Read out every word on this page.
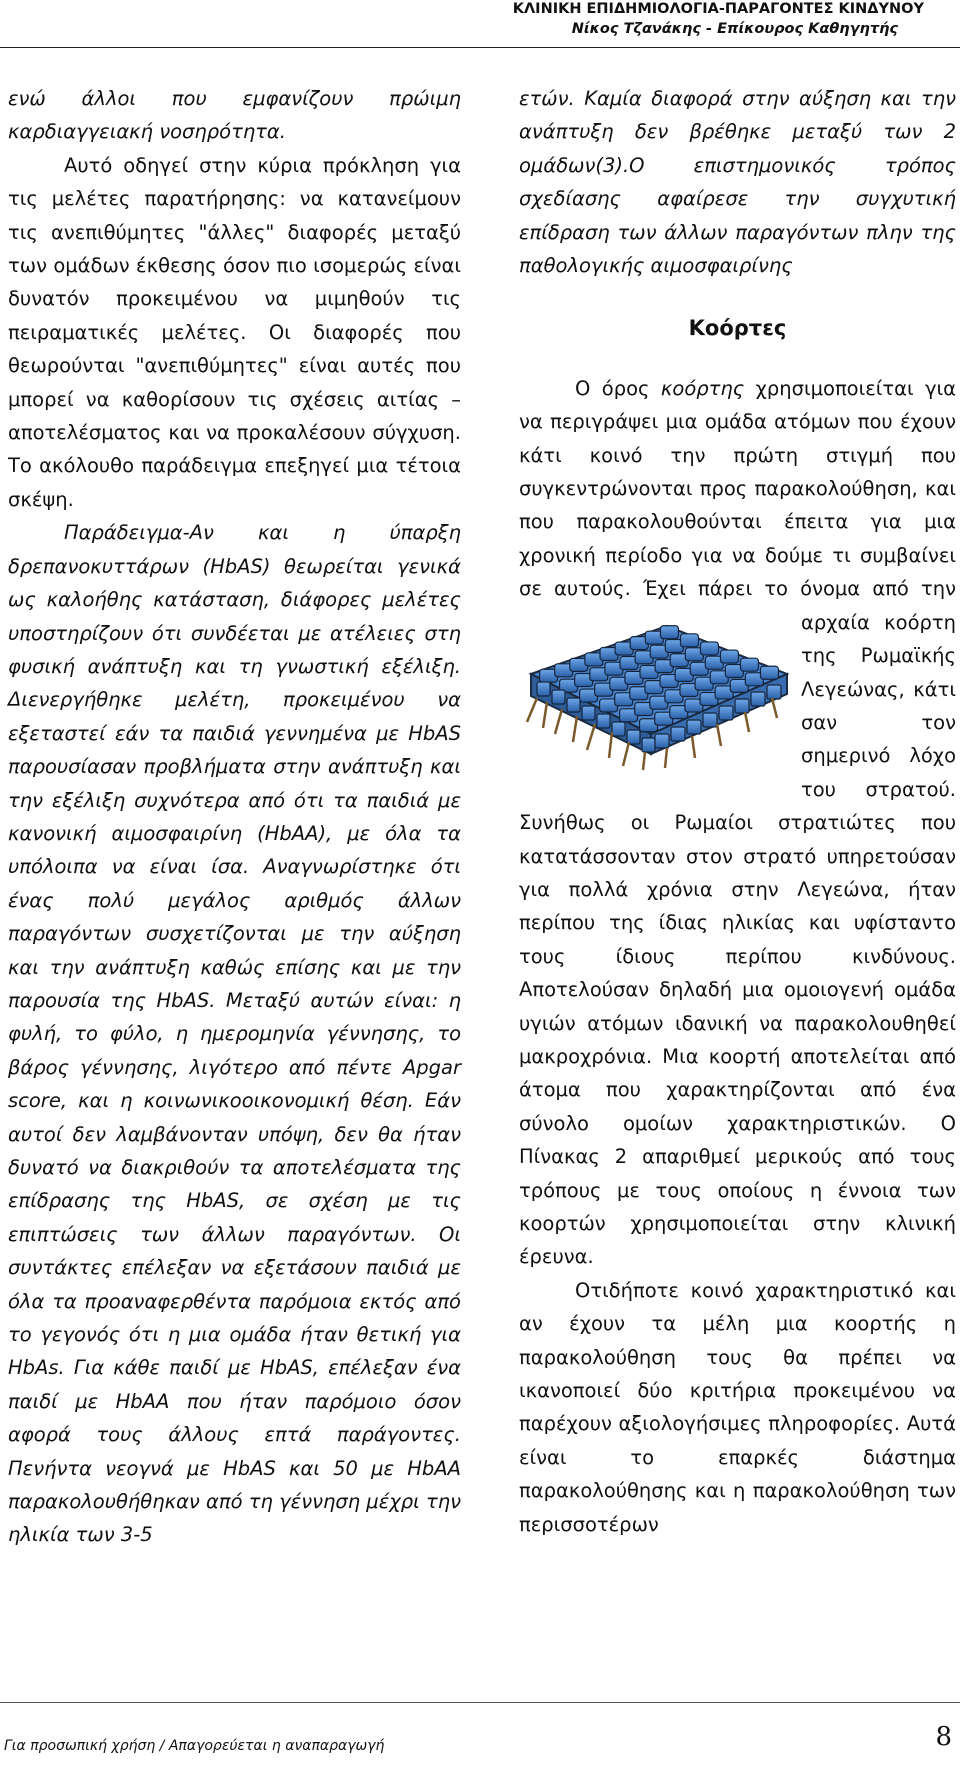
ΚΛΙΝΙΚΗ ΕΠΙΔΗΜΙΟΛΟΓΙΑ-ΠΑΡΑΓΟΝΤΕΣ ΚΙΝΔΥΝΟΥ
Νίκος Τζανάκης - Επίκουρος Καθηγητής

ενώ άλλοι που εμφανίζουν πρώιμη καρδιαγγειακή νοσηρότητα.

Αυτό οδηγεί στην κύρια πρόκληση για τις μελέτες παρατήρησης: να κατανείμουν τις ανεπιθύμητες "άλλες" διαφορές μεταξύ των ομάδων έκθεσης όσον πιο ισομερώς είναι δυνατόν προκειμένου να μιμηθούν τις πειραματικές μελέτες. Οι διαφορές που θεωρούνται "ανεπιθύμητες" είναι αυτές που μπορεί να καθορίσουν τις σχέσεις αιτίας – αποτελέσματος και να προκαλέσουν σύγχυση. Το ακόλουθο παράδειγμα επεξηγεί μια τέτοια σκέψη.

Παράδειγμα-Αν και η ύπαρξη δρεπανοκυττάρων (HbAS) θεωρείται γενικά ως καλοήθης κατάσταση, διάφορες μελέτες υποστηρίζουν ότι συνδέεται με ατέλειες στη φυσική ανάπτυξη και τη γνωστική εξέλιξη. Διενεργήθηκε μελέτη, προκειμένου να εξεταστεί εάν τα παιδιά γεννημένα με HbAS παρουσίασαν προβλήματα στην ανάπτυξη και την εξέλιξη συχνότερα από ότι τα παιδιά με κανονική αιμοσφαιρίνη (HbAA), με όλα τα υπόλοιπα να είναι ίσα. Αναγνωρίστηκε ότι ένας πολύ μεγάλος αριθμός άλλων παραγόντων συσχετίζονται με την αύξηση και την ανάπτυξη καθώς επίσης και με την παρουσία της HbAS. Μεταξύ αυτών είναι: η φυλή, το φύλο, η ημερομηνία γέννησης, το βάρος γέννησης, λιγότερο από πέντε Apgar score, και η κοινωνικοοικονομική θέση. Εάν αυτοί δεν λαμβάνονταν υπόψη, δεν θα ήταν δυνατό να διακριθούν τα αποτελέσματα της επίδρασης της HbAS, σε σχέση με τις επιπτώσεις των άλλων παραγόντων. Οι συντάκτες επέλεξαν να εξετάσουν παιδιά με όλα τα προαναφερθέντα παρόμοια εκτός από το γεγονός ότι η μια ομάδα ήταν θετική για HbAs. Για κάθε παιδί με HbAS, επέλεξαν ένα παιδί με HbAA που ήταν παρόμοιο όσον αφορά τους άλλους επτά παράγοντες. Πενήντα νεογνά με HbAS και 50 με HbAA παρακολουθήθηκαν από τη γέννηση μέχρι την ηλικία των 3-5

ετών. Καμία διαφορά στην αύξηση και την ανάπτυξη δεν βρέθηκε μεταξύ των 2 ομάδων(3).Ο επιστημονικός τρόπος σχεδίασης αφαίρεσε την συγχυτική επίδραση των άλλων παραγόντων πλην της παθολογικής αιμοσφαιρίνης

Κοόρτες

Ο όρος κοόρτης χρησιμοποιείται για να περιγράψει μια ομάδα ατόμων που έχουν κάτι κοινό την πρώτη στιγμή που συγκεντρώνονται προς παρακολούθηση, και που παρακολουθούνται έπειτα για μια χρονική περίοδο για να δούμε τι συμβαίνει σε αυτούς. Έχει πάρει το όνομα από την αρχαία κοόρτη της Ρωμαϊκής Λεγεώνας, κάτι σαν τον σημερινό λόχο του στρατού. Συνήθως οι Ρωμαίοι στρατιώτες που κατατάσσονταν στον στρατό υπηρετούσαν για πολλά χρόνια στην Λεγεώνα, ήταν περίπου της ίδιας ηλικίας και υφίσταντο τους ίδιους περίπου κινδύνους. Αποτελούσαν δηλαδή μια ομοιογενή ομάδα υγιών ατόμων ιδανική να παρακολουθηθεί μακροχρόνια. Μια κοορτή αποτελείται από άτομα που χαρακτηρίζονται από ένα σύνολο ομοίων χαρακτηριστικών. Ο Πίνακας 2 απαριθμεί μερικούς από τους τρόπους με τους οποίους η έννοια των κοορτών χρησιμοποιείται στην κλινική έρευνα.

Οτιδήποτε κοινό χαρακτηριστικό και αν έχουν τα μέλη μια κοορτής η παρακολούθηση τους θα πρέπει να ικανοποιεί δύο κριτήρια προκειμένου να παρέχουν αξιολογήσιμες πληροφορίες. Αυτά είναι το επαρκές διάστημα παρακολούθησης και η παρακολούθηση των περισσοτέρων

Για προσωπική χρήση / Απαγορεύεται η αναπαραγωγή	8
